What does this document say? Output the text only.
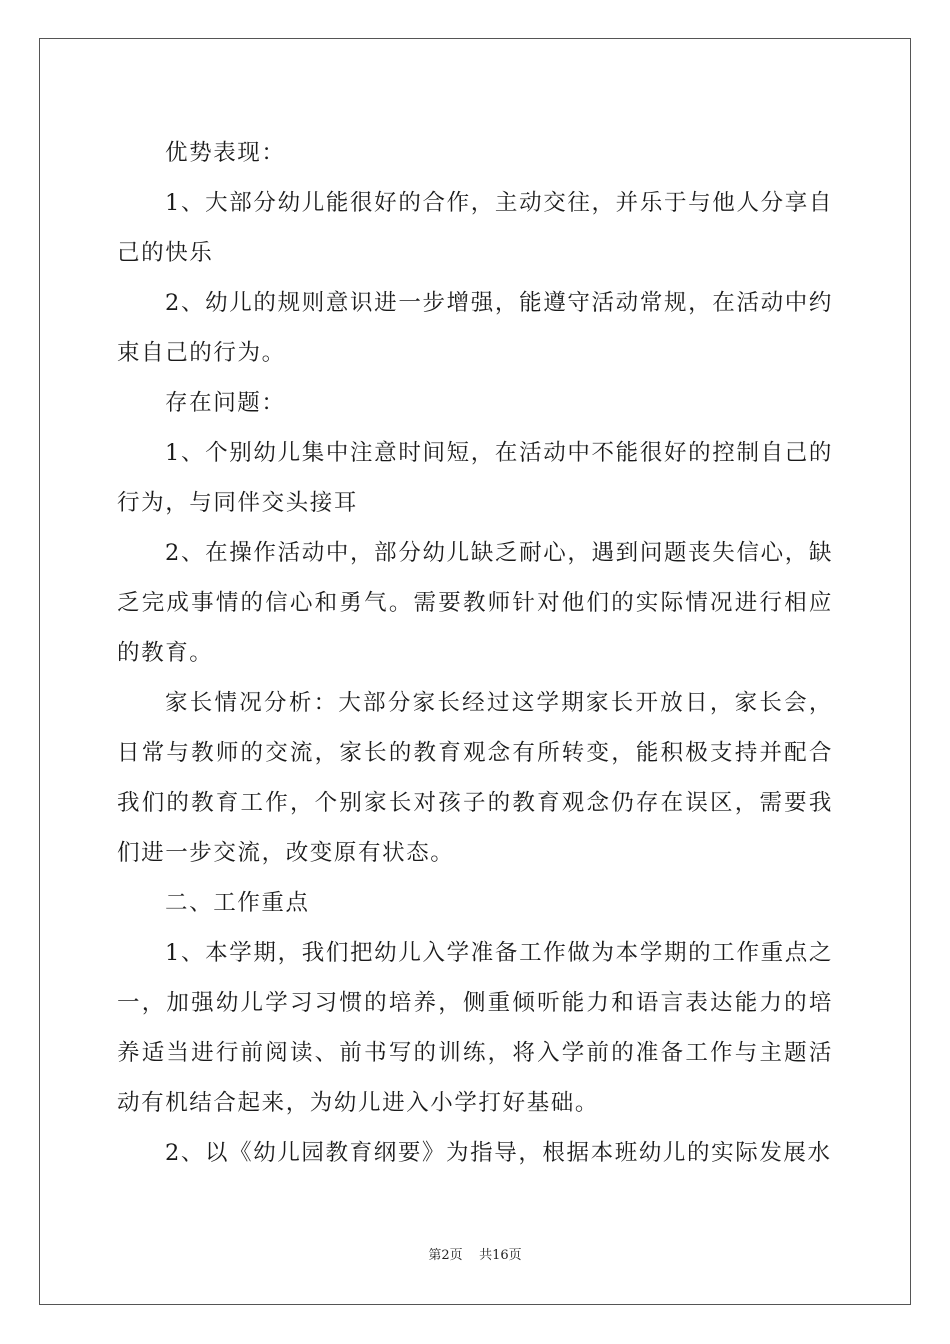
优势表现：

1、大部分幼儿能很好的合作，主动交往，并乐于与他人分享自己的快乐

2、幼儿的规则意识进一步增强，能遵守活动常规，在活动中约束自己的行为。

存在问题：

1、个别幼儿集中注意时间短，在活动中不能很好的控制自己的行为，与同伴交头接耳

2、在操作活动中，部分幼儿缺乏耐心，遇到问题丧失信心，缺乏完成事情的信心和勇气。需要教师针对他们的实际情况进行相应的教育。

家长情况分析：大部分家长经过这学期家长开放日，家长会，日常与教师的交流，家长的教育观念有所转变，能积极支持并配合我们的教育工作，个别家长对孩子的教育观念仍存在误区，需要我们进一步交流，改变原有状态。

二、工作重点

1、本学期，我们把幼儿入学准备工作做为本学期的工作重点之一，加强幼儿学习习惯的培养，侧重倾听能力和语言表达能力的培养适当进行前阅读、前书写的训练，将入学前的准备工作与主题活动有机结合起来，为幼儿进入小学打好基础。

2、以《幼儿园教育纲要》为指导，根据本班幼儿的实际发展水

第2页 共16页
